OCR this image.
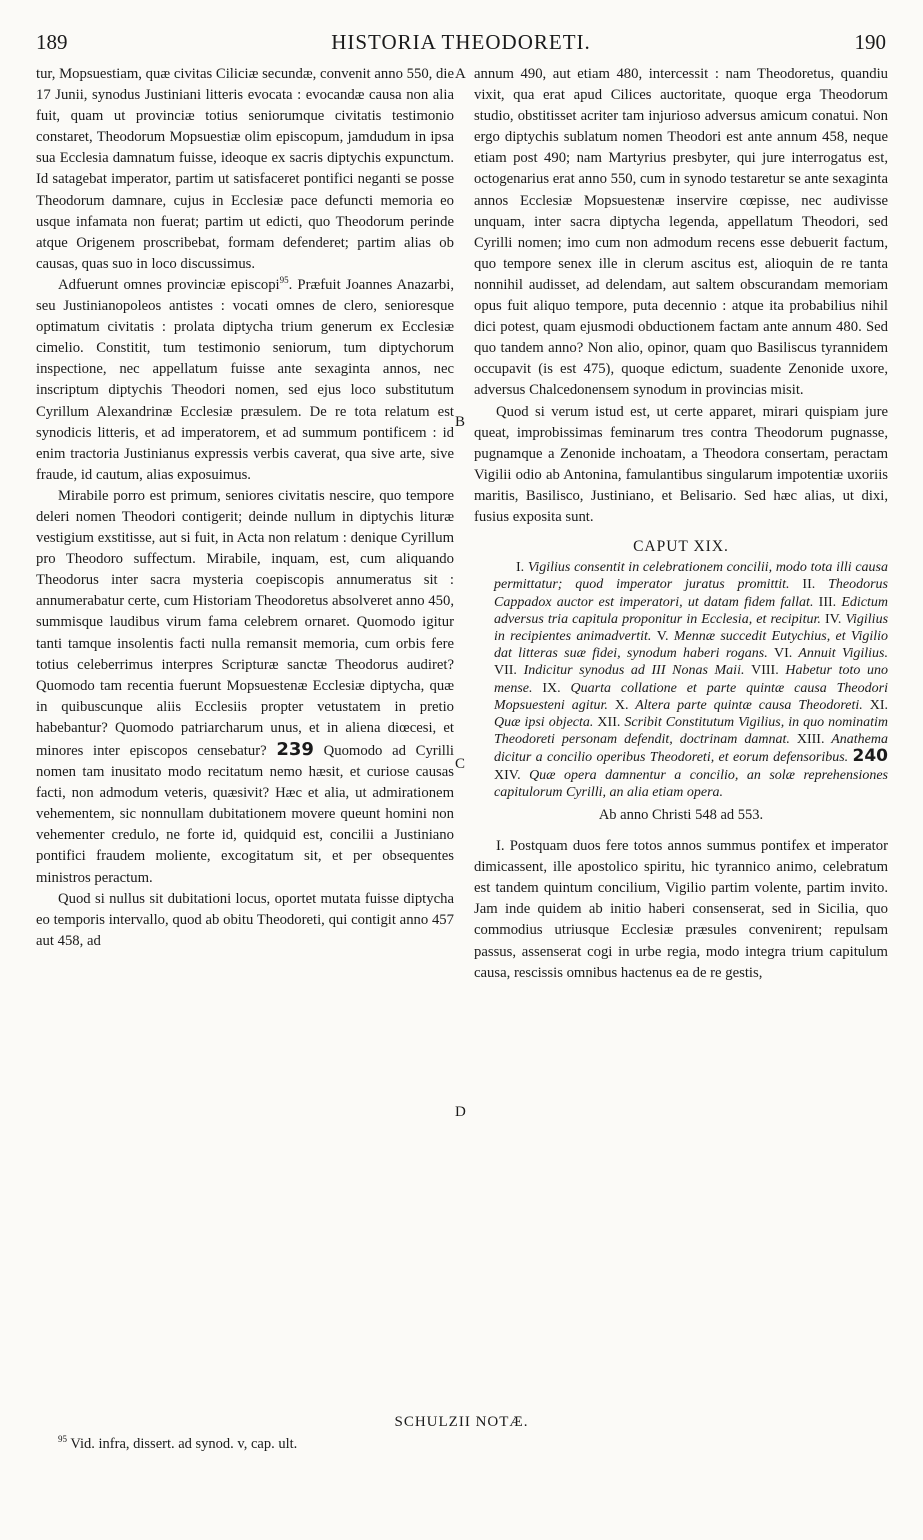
189	HISTORIA THEODORETI.	190
A
B
C
D

tur, Mopsuestiam, quæ civitas Ciliciæ secundæ, convenit anno 550, die 17 Junii, synodus Justiniani litteris evocata : evocandæ causa non alia fuit, quam ut provinciæ totius seniorumque civitatis testimonio constaret, Theodorum Mopsuestiæ olim episcopum, jamdudum in ipsa sua Ecclesia damnatum fuisse, ideoque ex sacris diptychis expunctum. Id satagebat imperator, partim ut satisfaceret pontifici neganti se posse Theodorum damnare, cujus in Ecclesiæ pace defuncti memoria eo usque infamata non fuerat; partim ut edicti, quo Theodorum perinde atque Origenem proscribebat, formam defenderet; partim alias ob causas, quas suo in loco discussimus.

Adfuerunt omnes provinciæ episcopi$^{95}$. Præfuit Joannes Anazarbi, seu Justinianopoleos antistes : vocati omnes de clero, senioresque optimatum civitatis : prolata diptycha trium generum ex Ecclesiæ cimelio. Constitit, tum testimonio seniorum, tum diptychorum inspectione, nec appellatum fuisse ante sexaginta annos, nec inscriptum diptychis Theodori nomen, sed ejus loco substitutum Cyrillum Alexandrinæ Ecclesiæ præsulem. De re tota relatum est synodicis litteris, et ad imperatorem, et ad summum pontificem : id enim tractoria Justinianus expressis verbis caverat, qua sive arte, sive fraude, id cautum, alias exposuimus.

Mirabile porro est primum, seniores civitatis nescire, quo tempore deleri nomen Theodori contigerit; deinde nullum in diptychis lituræ vestigium exstitisse, aut si fuit, in Acta non relatum : denique Cyrillum pro Theodoro suffectum. Mirabile, inquam, est, cum aliquando Theodorus inter sacra mysteria coepiscopis annumeratus sit : annumerabatur certe, cum Historiam Theodoretus absolveret anno 450, summisque laudibus virum fama celebrem ornaret. Quomodo igitur tanti tamque insolentis facti nulla remansit memoria, cum orbis fere totius celeberrimus interpres Scripturæ sanctæ Theodorus audiret? Quomodo tam recentia fuerunt Mopsuestenæ Ecclesiæ diptycha, quæ in quibuscunque aliis Ecclesiis propter vetustatem in pretio habebantur? Quomodo patriarcharum unus, et in aliena diœcesi, et minores inter episcopos censebatur? 239 Quomodo ad Cyrilli nomen tam inusitato modo recitatum nemo hæsit, et curiose causas facti, non admodum veteris, quæsivit? Hæc et alia, ut admirationem vehementem, sic nonnullam dubitationem movere queunt homini non vehementer credulo, ne forte id, quidquid est, concilii a Justiniano pontifici fraudem moliente, excogitatum sit, et per obsequentes ministros peractum.

Quod si nullus sit dubitationi locus, oportet mutata fuisse diptycha eo temporis intervallo, quod ab obitu Theodoreti, qui contigit anno 457 aut 458, ad

annum 490, aut etiam 480, intercessit : nam Theodoretus, quandiu vixit, qua erat apud Cilices auctoritate, quoque erga Theodorum studio, obstitisset acriter tam injurioso adversus amicum conatui. Non ergo diptychis sublatum nomen Theodori est ante annum 458, neque etiam post 490; nam Martyrius presbyter, qui jure interrogatus est, octogenarius erat anno 550, cum in synodo testaretur se ante sexaginta annos Ecclesiæ Mopsuestenæ inservire cœpisse, nec audivisse unquam, inter sacra diptycha legenda, appellatum Theodori, sed Cyrilli nomen; imo cum non admodum recens esse debuerit factum, quo tempore senex ille in clerum ascitus est, alioquin de re tanta nonnihil audisset, ad delendam, aut saltem obscurandam memoriam opus fuit aliquo tempore, puta decennio : atque ita probabilius nihil dici potest, quam ejusmodi obductionem factam ante annum 480. Sed quo tandem anno? Non alio, opinor, quam quo Basiliscus tyrannidem occupavit (is est 475), quoque edictum, suadente Zenonide uxore, adversus Chalcedonensem synodum in provincias misit.

Quod si verum istud est, ut certe apparet, mirari quispiam jure queat, improbissimas feminarum tres contra Theodorum pugnasse, pugnamque a Zenonide inchoatam, a Theodora consertam, peractam Vigilii odio ab Antonina, famulantibus singularum impotentiæ uxoriis maritis, Basilisco, Justiniano, et Belisario. Sed hæc alias, ut dixi, fusius exposita sunt.

CAPUT XIX.

I. Vigilius consentit in celebrationem concilii, modo tota illi causa permittatur; quod imperator juratus promittit. II. Theodorus Cappadox auctor est imperatori, ut datam fidem fallat. III. Edictum adversus tria capitula proponitur in Ecclesia, et recipitur. IV. Vigilius in recipientes animadvertit. V. Mennæ succedit Eutychius, et Vigilio dat litteras suæ fidei, synodum haberi rogans. VI. Annuit Vigilius. VII. Indicitur synodus ad III Nonas Maii. VIII. Habetur toto uno mense. IX. Quarta collatione et parte quintæ causa Theodori Mopsuesteni agitur. X. Altera parte quintæ causa Theodoreti. XI. Quæ ipsi objecta. XII. Scribit Constitutum Vigilius, in quo nominatim Theodoreti personam defendit, doctrinam damnat. XIII. Anathema dicitur a concilio operibus Theodoreti, et eorum defensoribus. 240 XIV. Quæ opera damnentur a concilio, an solæ reprehensiones capitulorum Cyrilli, an alia etiam opera.

Ab anno Christi 548 ad 553.

I. Postquam duos fere totos annos summus pontifex et imperator dimicassent, ille apostolico spiritu, hic tyrannico animo, celebratum est tandem quintum concilium, Vigilio partim volente, partim invito. Jam inde quidem ab initio haberi consenserat, sed in Sicilia, quo commodius utriusque Ecclesiæ præsules convenirent; repulsam passus, assenserat cogi in urbe regia, modo integra trium capitulum causa, rescissis omnibus hactenus ea de re gestis,

SCHULZII NOTÆ.
$^{95}$ Vid. infra, dissert. ad synod. v, cap. ult.
